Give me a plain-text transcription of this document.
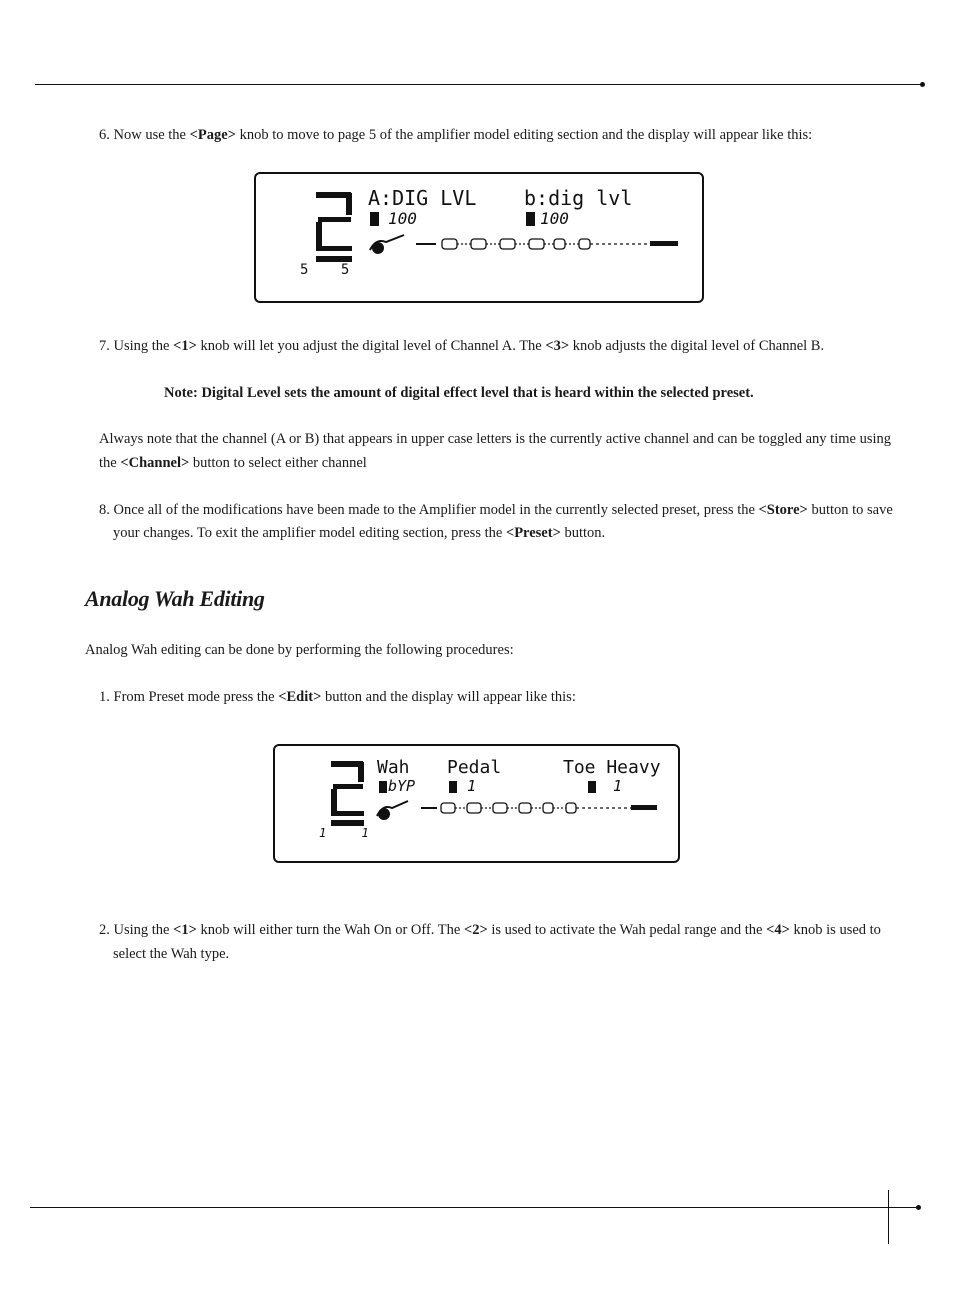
6. Now use the <Page> knob to move to page 5 of the amplifier model editing section and the display will appear like this:

A:DIG LVL b:dig lvl
100	100
5 5

7. Using the <1> knob will let you adjust the digital level of Channel A. The <3> knob adjusts the digital level of Channel B.

Note: Digital Level sets the amount of digital effect level that is heard within the selected preset.

Always note that the channel (A or B) that appears in upper case letters is the currently active channel and can be toggled any time using

the <Channel> button to select either channel

8. Once all of the modifications have been made to the Amplifier model in the currently selected preset, press the <Store> button to save

your changes. To exit the amplifier model editing section, press the <Preset> button.

Analog Wah Editing

Analog Wah editing can be done by performing the following procedures:

1. From Preset mode press the <Edit> button and the display will appear like this:

Wah Pedal	Toe Heavy
bYP	1	1
1 1

2. Using the <1> knob will either turn the Wah On or Off. The <2> is used to activate the Wah pedal range and the <4> knob is used to

select the Wah type.
